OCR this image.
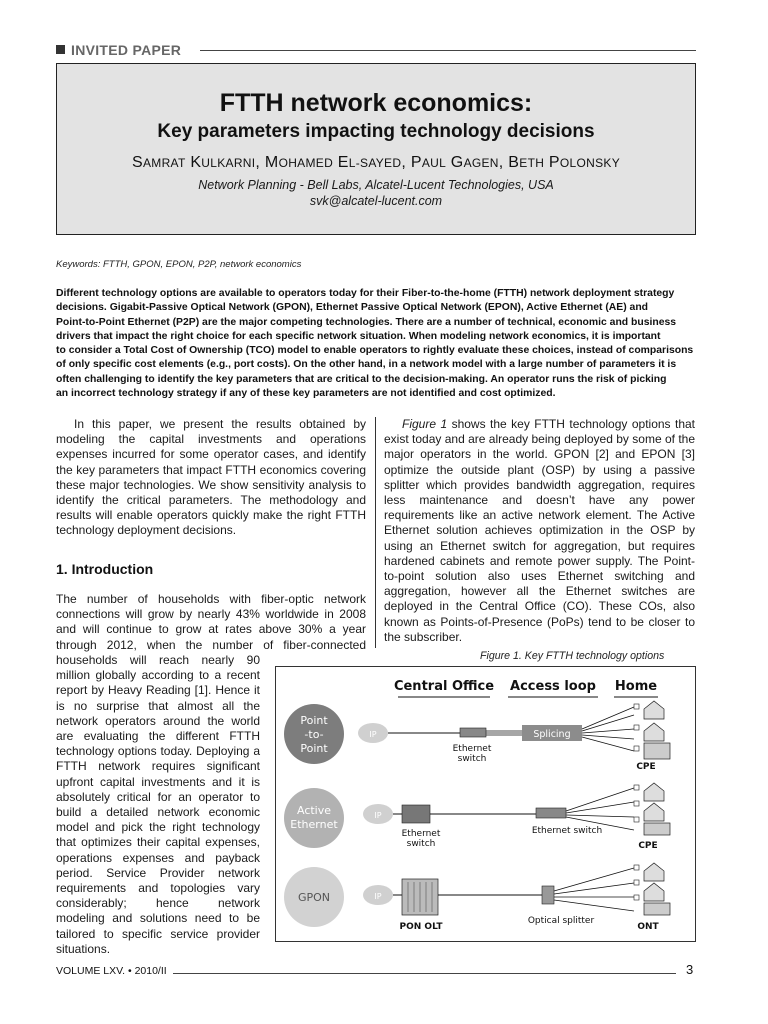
INVITED PAPER
FTTH network economics:
Key parameters impacting technology decisions
SAMRAT KULKARNI, MOHAMED EL-SAYED, PAUL GAGEN, BETH POLONSKY
Network Planning - Bell Labs, Alcatel-Lucent Technologies, USA
svk@alcatel-lucent.com
Keywords: FTTH, GPON, EPON, P2P, network economics
Different technology options are available to operators today for their Fiber-to-the-home (FTTH) network deployment strategy
decisions. Gigabit-Passive Optical Network (GPON), Ethernet Passive Optical Network (EPON), Active Ethernet (AE) and
Point-to-Point Ethernet (P2P) are the major competing technologies. There are a number of technical, economic and business
drivers that impact the right choice for each specific network situation. When modeling network economics, it is important
to consider a Total Cost of Ownership (TCO) model to enable operators to rightly evaluate these choices, instead of comparisons
of only specific cost elements (e.g., port costs). On the other hand, in a network model with a large number of parameters it is
often challenging to identify the key parameters that are critical to the decision-making. An operator runs the risk of picking
an incorrect technology strategy if any of these key parameters are not identified and cost optimized.

In this paper, we present the results obtained by modeling the capital investments and operations expenses incurred for some operator cases, and identify the key parameters that impact FTTH economics covering these major technologies. We show sensitivity analysis to identify the critical parameters. The methodology and results will enable operators quickly make the right FTTH technology deployment decisions.

1. Introduction

The number of households with fiber-optic network connections will grow by nearly 43% worldwide in 2008 and will continue to grow at rates above 30% a year through 2012, when the number of fiber-connected

households will reach nearly 90 million globally according to a recent report by Heavy Reading [1]. Hence it is no surprise that almost all the network operators around the world are evaluating the different FTTH technology options today. Deploying a FTTH network requires significant upfront capital investments and it is absolutely critical for an operator to build a detailed network economic model and pick the right technology that optimizes their capital expenses, operations expenses and payback period. Service Provider network requirements and topologies vary considerably; hence network modeling and solutions need to be tailored to specific service provider situations.

Figure 1 shows the key FTTH technology options that exist today and are already being deployed by some of the major operators in the world. GPON [2] and EPON [3] optimize the outside plant (OSP) by using a passive splitter which provides bandwidth aggregation, requires less maintenance and doesn’t have any power requirements like an active network element. The Active Ethernet solution achieves optimization in the OSP by using an Ethernet switch for aggregation, but requires hardened cabinets and remote power supply. The Point-to-point solution also uses Ethernet switching and aggregation, however all the Ethernet switches are deployed in the Central Office (CO). These COs, also known as Points-of-Presence (PoPs) tend to be closer to the subscriber.

Figure 1. Key FTTH technology options
Central Office Access loop Home
Point
-to-
Point
IP
Ethernet
switch
Splicing
CPE
Active
Ethernet
IP
Ethernet
switch
Ethernet switch
CPE
GPON	IP
PON OLT
Optical splitter
ONT
VOLUME LXV. • 2010/II	3
